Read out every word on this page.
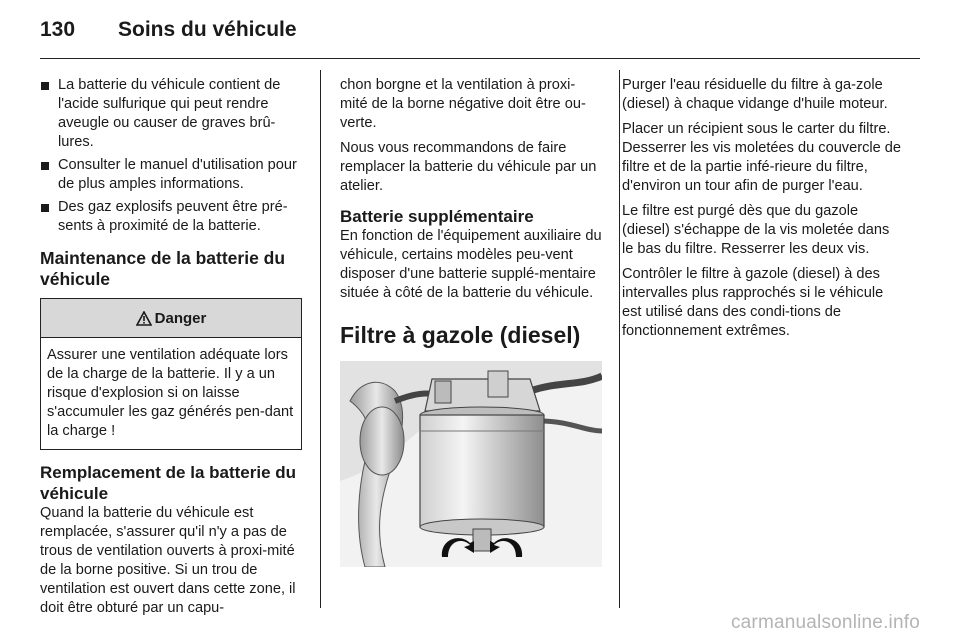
130	Soins du véhicule
La batterie du véhicule contient de l'acide sulfurique qui peut rendre aveugle ou causer de graves brû-lures.
Consulter le manuel d'utilisation pour de plus amples informations.
Des gaz explosifs peuvent être pré-sents à proximité de la batterie.
Maintenance de la batterie du véhicule
Danger
Assurer une ventilation adéquate lors de la charge de la batterie. Il y a un risque d'explosion si on laisse s'accumuler les gaz générés pen-dant la charge !
Remplacement de la batterie du véhicule

Quand la batterie du véhicule est remplacée, s'assurer qu'il n'y a pas de trous de ventilation ouverts à proxi-mité de la borne positive. Si un trou de ventilation est ouvert dans cette zone, il doit être obturé par un capu-

chon borgne et la ventilation à proxi-mité de la borne négative doit être ou-verte.

Nous vous recommandons de faire remplacer la batterie du véhicule par un atelier.

Batterie supplémentaire

En fonction de l'équipement auxiliaire du véhicule, certains modèles peu-vent disposer d'une batterie supplé-mentaire située à côté de la batterie du véhicule.

Filtre à gazole (diesel)

Purger l'eau résiduelle du filtre à ga-zole (diesel) à chaque vidange d'huile moteur.

Placer un récipient sous le carter du filtre. Desserrer les vis moletées du couvercle de filtre et de la partie infé-rieure du filtre, d'environ un tour afin de purger l'eau.

Le filtre est purgé dès que du gazole (diesel) s'échappe de la vis moletée dans le bas du filtre. Resserrer les deux vis.

Contrôler le filtre à gazole (diesel) à des intervalles plus rapprochés si le véhicule est utilisé dans des condi-tions de fonctionnement extrêmes.

carmanualsonline.info
